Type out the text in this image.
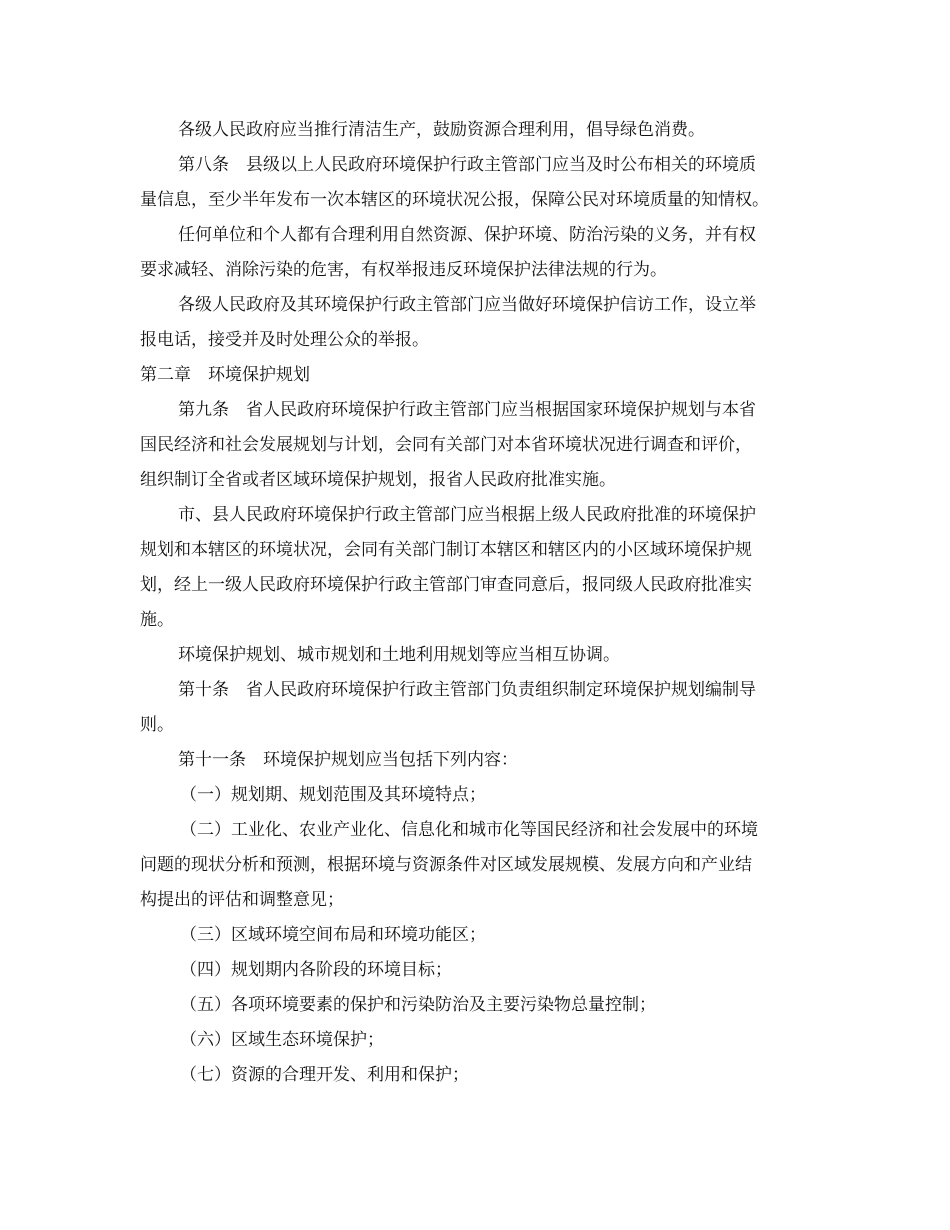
各级人民政府应当推行清洁生产，鼓励资源合理利用，倡导绿色消费。

第八条　县级以上人民政府环境保护行政主管部门应当及时公布相关的环境质

量信息，至少半年发布一次本辖区的环境状况公报，保障公民对环境质量的知情权。

任何单位和个人都有合理利用自然资源、保护环境、防治污染的义务，并有权

要求减轻、消除污染的危害，有权举报违反环境保护法律法规的行为。

各级人民政府及其环境保护行政主管部门应当做好环境保护信访工作，设立举

报电话，接受并及时处理公众的举报。

第二章　环境保护规划

第九条　省人民政府环境保护行政主管部门应当根据国家环境保护规划与本省

国民经济和社会发展规划与计划，会同有关部门对本省环境状况进行调查和评价，

组织制订全省或者区域环境保护规划，报省人民政府批准实施。

市、县人民政府环境保护行政主管部门应当根据上级人民政府批准的环境保护

规划和本辖区的环境状况，会同有关部门制订本辖区和辖区内的小区域环境保护规

划，经上一级人民政府环境保护行政主管部门审查同意后，报同级人民政府批准实

施。

环境保护规划、城市规划和土地利用规划等应当相互协调。

第十条　省人民政府环境保护行政主管部门负责组织制定环境保护规划编制导

则。

第十一条　环境保护规划应当包括下列内容：

（一）规划期、规划范围及其环境特点；

（二）工业化、农业产业化、信息化和城市化等国民经济和社会发展中的环境

问题的现状分析和预测，根据环境与资源条件对区域发展规模、发展方向和产业结

构提出的评估和调整意见；

（三）区域环境空间布局和环境功能区；

（四）规划期内各阶段的环境目标；

（五）各项环境要素的保护和污染防治及主要污染物总量控制；

（六）区域生态环境保护；

（七）资源的合理开发、利用和保护；
